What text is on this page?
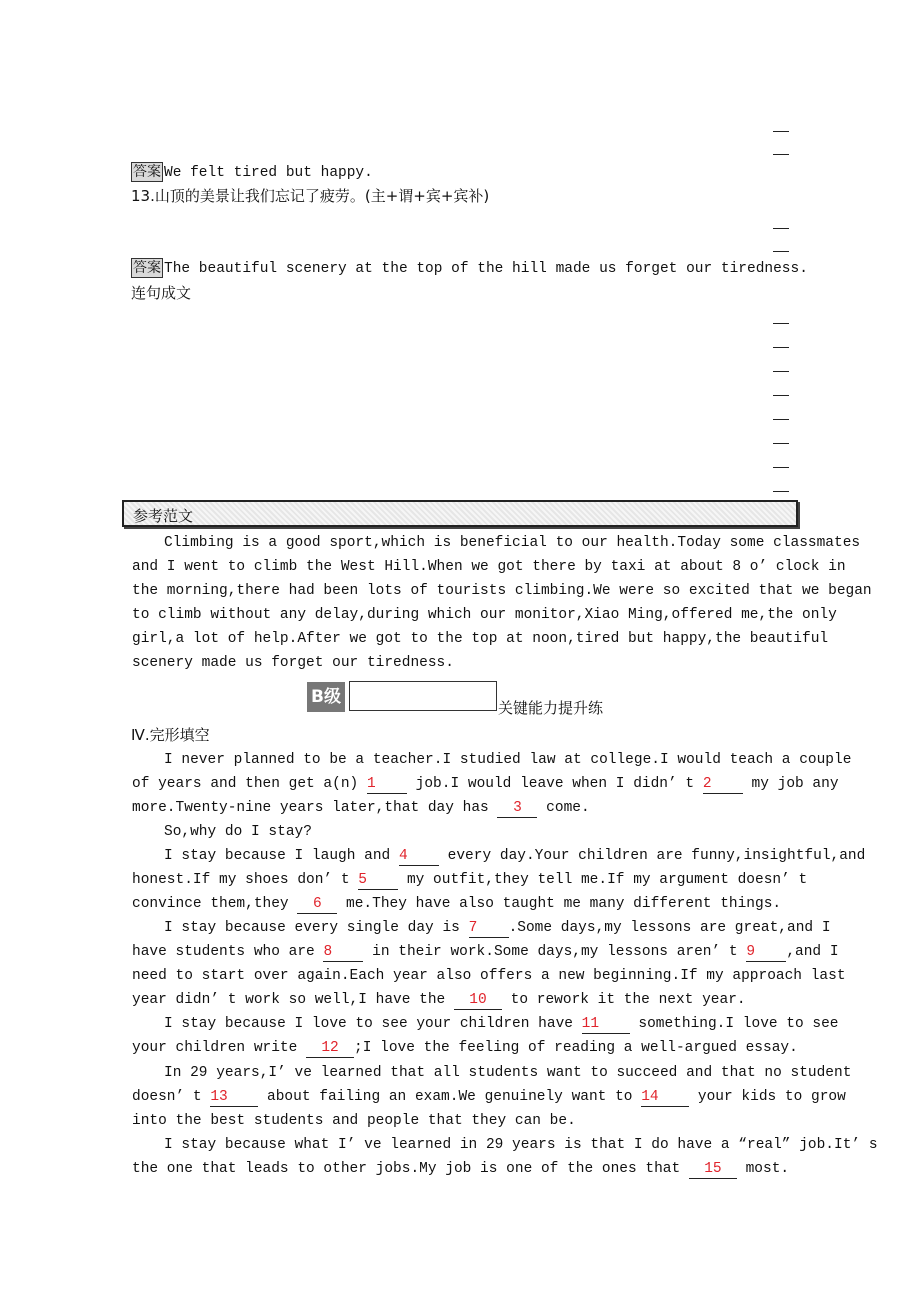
答案 We felt tired but happy.
13.山顶的美景让我们忘记了疲劳。(主+谓+宾+宾补)
答案 The beautiful scenery at the top of the hill made us forget our tiredness.
连句成文
参考范文
Climbing is a good sport,which is beneficial to our health.Today some classmates
and I went to climb the West Hill.When we got there by taxi at about 8 o’ clock in
the morning,there had been lots of tourists climbing.We were so excited that we began
to climb without any delay,during which our monitor,Xiao Ming,offered me,the only
girl,a lot of help.After we got to the top at noon,tired but happy,the beautiful
scenery made us forget our tiredness.
B级
关键能力提升练
Ⅳ.完形填空
I never planned to be a teacher.I studied law at college.I would teach a couple
of years and then get a(n) 1 job.I would leave when I didn’ t 2 my job any
more.Twenty-nine years later,that day has 3 come.
So,why do I stay?
I stay because I laugh and 4 every day.Your children are funny,insightful,and
honest.If my shoes don’ t 5 my outfit,they tell me.If my argument doesn’ t
convince them,they 6 me.They have also taught me many different things.
I stay because every single day is 7 .Some days,my lessons are great,and I
have students who are 8 in their work.Some days,my lessons aren’ t 9 ,and I
need to start over again.Each year also offers a new beginning.If my approach last
year didn’ t work so well,I have the 10 to rework it the next year.
I stay because I love to see your children have 11 something.I love to see
your children write 12 ;I love the feeling of reading a well-argued essay.
In 29 years,I’ ve learned that all students want to succeed and that no student
doesn’ t 13 about failing an exam.We genuinely want to 14 your kids to grow
into the best students and people that they can be.
I stay because what I’ ve learned in 29 years is that I do have a “real” job.It’ s
the one that leads to other jobs.My job is one of the ones that 15 most.
